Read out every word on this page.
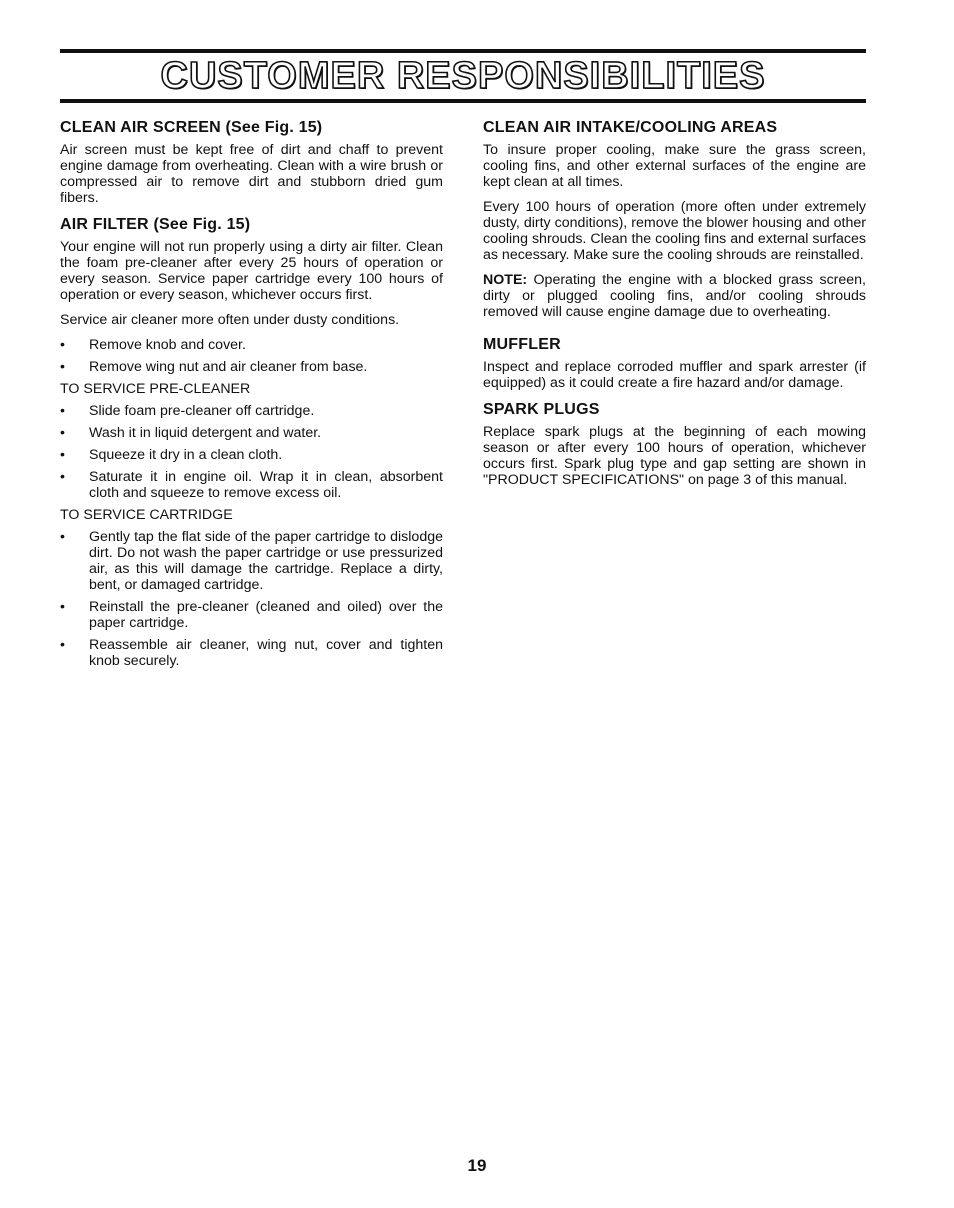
CUSTOMER RESPONSIBILITIES
CLEAN AIR SCREEN (See Fig. 15)

Air screen must be kept free of dirt and chaff to prevent engine damage from overheating. Clean with a wire brush or compressed air to remove dirt and stubborn dried gum fibers.

AIR FILTER (See Fig. 15)

Your engine will not run properly using a dirty air filter. Clean the foam pre-cleaner after every 25 hours of operation or every season. Service paper cartridge every 100 hours of operation or every season, whichever occurs first.

Service air cleaner more often under dusty conditions.

•	Remove knob and cover.
•	Remove wing nut and air cleaner from base.
TO SERVICE PRE-CLEANER
•	Slide foam pre-cleaner off cartridge.
•	Wash it in liquid detergent and water.
•	Squeeze it dry in a clean cloth.
•	Saturate it in engine oil. Wrap it in clean, absorbent cloth and squeeze to remove excess oil.
TO SERVICE CARTRIDGE
•	Gently tap the flat side of the paper cartridge to dislodge dirt. Do not wash the paper cartridge or use pressurized air, as this will damage the cartridge. Replace a dirty, bent, or damaged cartridge.
•	Reinstall the pre-cleaner (cleaned and oiled) over the paper cartridge.
•	Reassemble air cleaner, wing nut, cover and tighten knob securely.
CLEAN AIR INTAKE/COOLING AREAS

To insure proper cooling, make sure the grass screen, cooling fins, and other external surfaces of the engine are kept clean at all times.

Every 100 hours of operation (more often under extremely dusty, dirty conditions), remove the blower housing and other cooling shrouds. Clean the cooling fins and external surfaces as necessary. Make sure the cooling shrouds are reinstalled.

NOTE: Operating the engine with a blocked grass screen, dirty or plugged cooling fins, and/or cooling shrouds removed will cause engine damage due to overheating.

MUFFLER

Inspect and replace corroded muffler and spark arrester (if equipped) as it could create a fire hazard and/or damage.

SPARK PLUGS

Replace spark plugs at the beginning of each mowing season or after every 100 hours of operation, whichever occurs first. Spark plug type and gap setting are shown in "PRODUCT SPECIFICATIONS" on page 3 of this manual.

19
